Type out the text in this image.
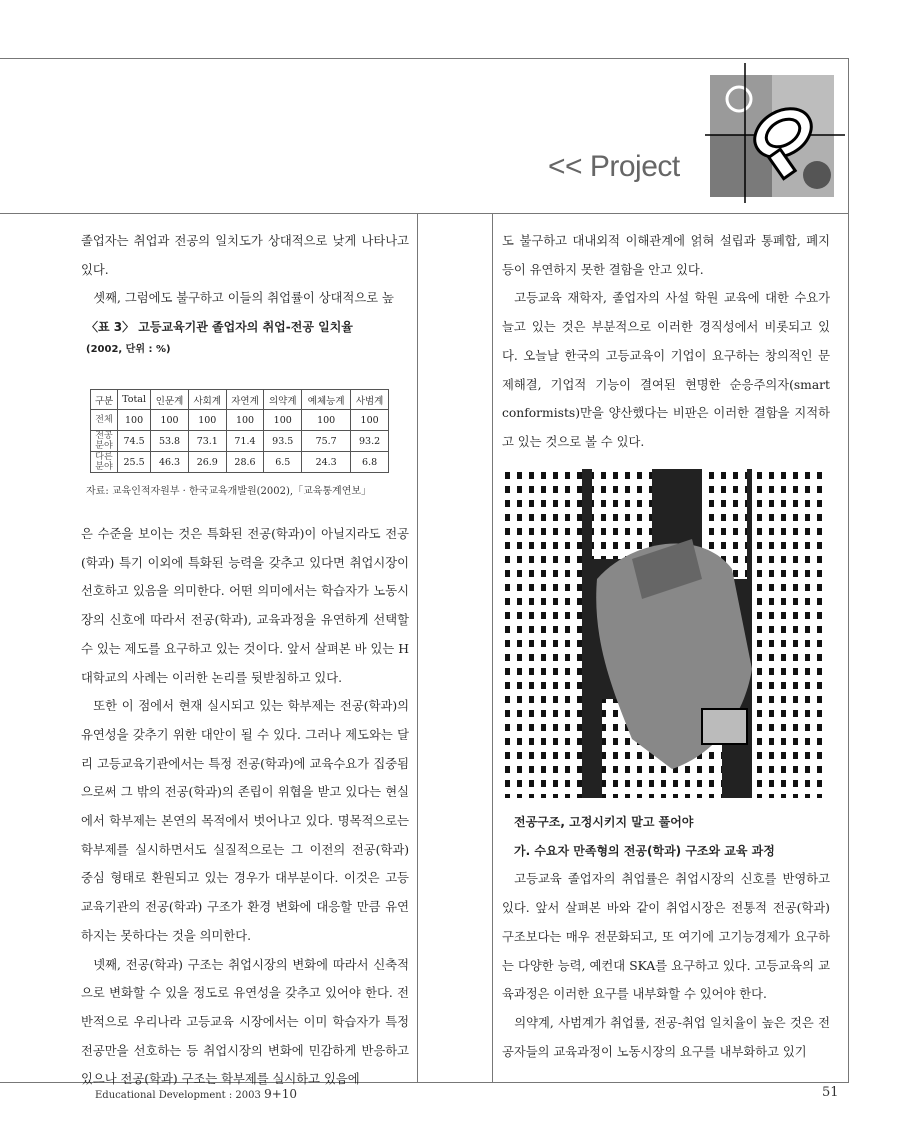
<< Project

졸업자는 취업과 전공의 일치도가 상대적으로 낮게 나타나고 있다.

셋째, 그럼에도 불구하고 이들의 취업률이 상대적으로 높

〈표 3〉 고등교육기관 졸업자의 취업-전공 일치율
(2002, 단위 : %)
구분	Total	인문계	사회계	자연계	의약계	예체능계	사범계
전체	100	100	100	100	100	100	100
전공 분야	74.5	53.8	73.1	71.4	93.5	75.7	93.2
다른 분야	25.5	46.3	26.9	28.6	6.5	24.3	6.8
자료: 교육인적자원부 · 한국교육개발원(2002),「교육통계연보」

은 수준을 보이는 것은 특화된 전공(학과)이 아닐지라도 전공(학과) 특기 이외에 특화된 능력을 갖추고 있다면 취업시장이 선호하고 있음을 의미한다. 어떤 의미에서는 학습자가 노동시장의 신호에 따라서 전공(학과), 교육과정을 유연하게 선택할 수 있는 제도를 요구하고 있는 것이다. 앞서 살펴본 바 있는 H 대학교의 사례는 이러한 논리를 뒷받침하고 있다.

또한 이 점에서 현재 실시되고 있는 학부제는 전공(학과)의 유연성을 갖추기 위한 대안이 될 수 있다. 그러나 제도와는 달리 고등교육기관에서는 특정 전공(학과)에 교육수요가 집중됨으로써 그 밖의 전공(학과)의 존립이 위협을 받고 있다는 현실에서 학부제는 본연의 목적에서 벗어나고 있다. 명목적으로는 학부제를 실시하면서도 실질적으로는 그 이전의 전공(학과) 중심 형태로 환원되고 있는 경우가 대부분이다. 이것은 고등교육기관의 전공(학과) 구조가 환경 변화에 대응할 만큼 유연하지는 못하다는 것을 의미한다.

넷째, 전공(학과) 구조는 취업시장의 변화에 따라서 신축적으로 변화할 수 있을 정도로 유연성을 갖추고 있어야 한다. 전반적으로 우리나라 고등교육 시장에서는 이미 학습자가 특정 전공만을 선호하는 등 취업시장의 변화에 민감하게 반응하고 있으나 전공(학과) 구조는 학부제를 실시하고 있음에

도 불구하고 대내외적 이해관계에 얽혀 설립과 통폐합, 폐지 등이 유연하지 못한 결함을 안고 있다.

고등교육 재학자, 졸업자의 사설 학원 교육에 대한 수요가 늘고 있는 것은 부분적으로 이러한 경직성에서 비롯되고 있다. 오늘날 한국의 고등교육이 기업이 요구하는 창의적인 문제해결, 기업적 기능이 결여된 현명한 순응주의자(smart conformists)만을 양산했다는 비판은 이러한 결함을 지적하고 있는 것으로 볼 수 있다.

전공구조, 고정시키지 말고 풀어야

가. 수요자 만족형의 전공(학과) 구조와 교육 과정

고등교육 졸업자의 취업률은 취업시장의 신호를 반영하고 있다. 앞서 살펴본 바와 같이 취업시장은 전통적 전공(학과) 구조보다는 매우 전문화되고, 또 여기에 고기능경제가 요구하는 다양한 능력, 예컨대 SKA를 요구하고 있다. 고등교육의 교육과정은 이러한 요구를 내부화할 수 있어야 한다.

의약계, 사범계가 취업률, 전공-취업 일치율이 높은 것은 전공자들의 교육과정이 노동시장의 요구를 내부화하고 있기

Educational Development : 2003 9+10	51
